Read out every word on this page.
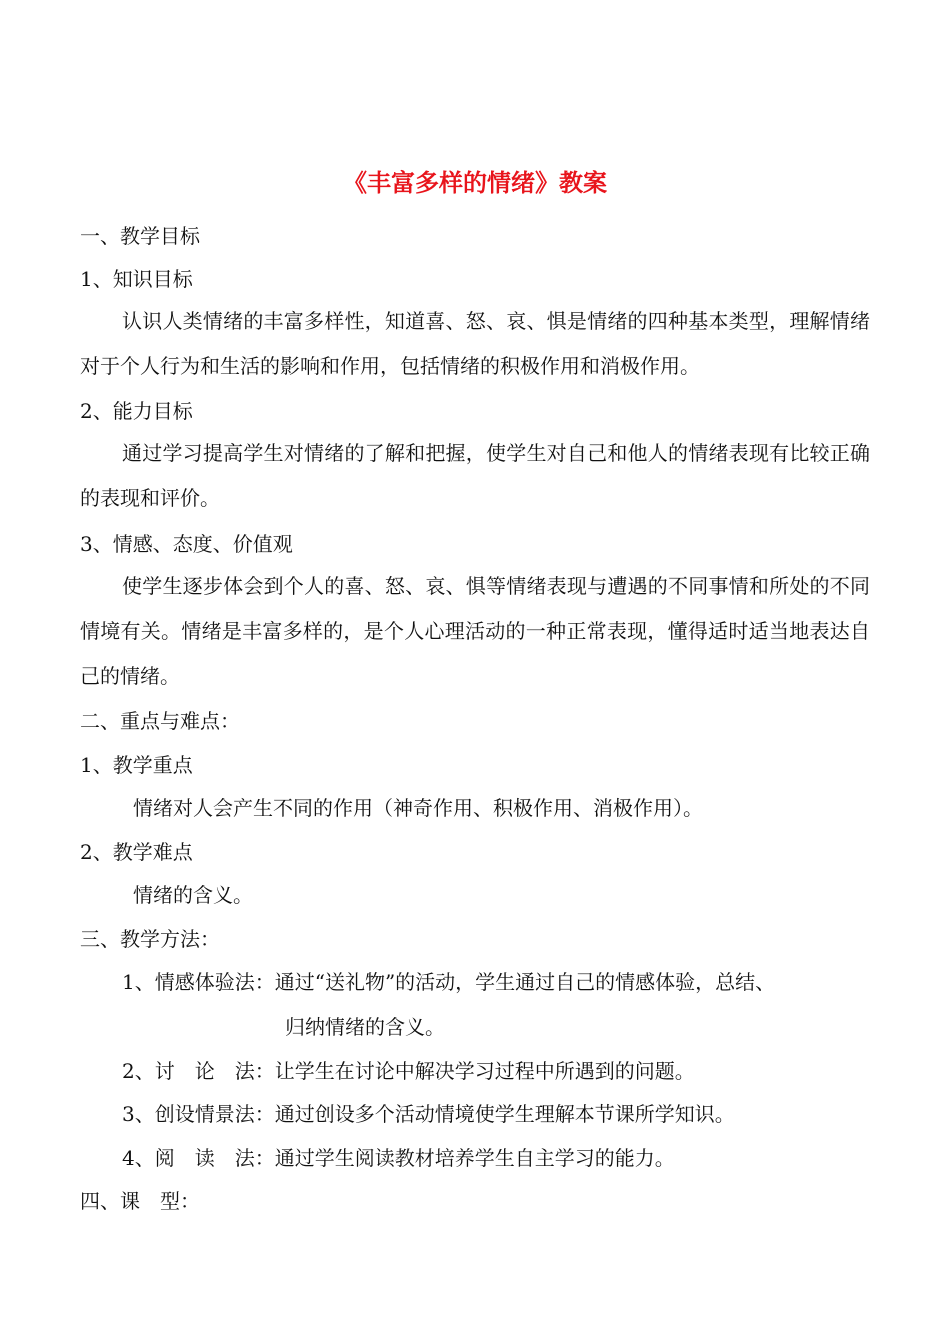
《丰富多样的情绪》教案
一、教学目标
1、知识目标
认识人类情绪的丰富多样性，知道喜、怒、哀、惧是情绪的四种基本类型，理解情绪对于个人行为和生活的影响和作用，包括情绪的积极作用和消极作用。
2、能力目标
通过学习提高学生对情绪的了解和把握，使学生对自己和他人的情绪表现有比较正确的表现和评价。
3、情感、态度、价值观
使学生逐步体会到个人的喜、怒、哀、惧等情绪表现与遭遇的不同事情和所处的不同情境有关。情绪是丰富多样的，是个人心理活动的一种正常表现，懂得适时适当地表达自己的情绪。
二、重点与难点：
1、教学重点
情绪对人会产生不同的作用（神奇作用、积极作用、消极作用）。
2、教学难点
情绪的含义。
三、教学方法：
1、情感体验法：通过“送礼物”的活动，学生通过自己的情感体验，总结、
归纳情绪的含义。
2、讨　论　法：让学生在讨论中解决学习过程中所遇到的问题。
3、创设情景法：通过创设多个活动情境使学生理解本节课所学知识。
4、阅　读　法：通过学生阅读教材培养学生自主学习的能力。
四、课　型：
